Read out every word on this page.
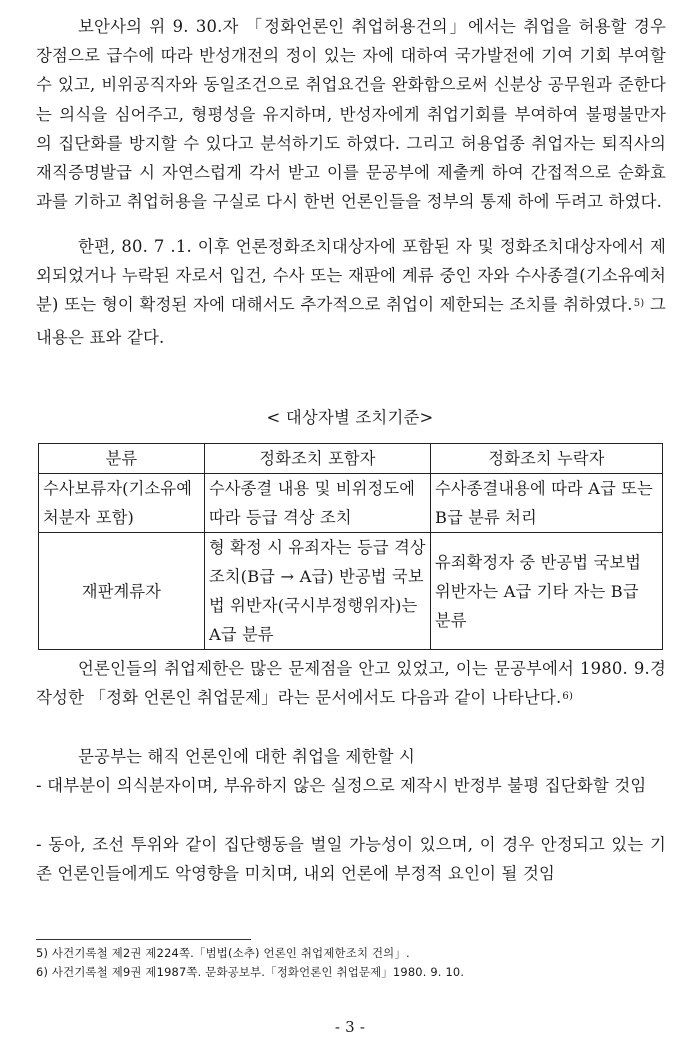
보안사의 위 9. 30.자 「정화언론인 취업허용건의」에서는 취업을 허용할 경우 장점으로 급수에 따라 반성개전의 정이 있는 자에 대하여 국가발전에 기여 기회 부여할 수 있고, 비위공직자와 동일조건으로 취업요건을 완화함으로써 신분상 공무원과 준한다는 의식을 심어주고, 형평성을 유지하며, 반성자에게 취업기회를 부여하여 불평불만자의 집단화를 방지할 수 있다고 분석하기도 하였다. 그리고 허용업종 취업자는 퇴직사의 재직증명발급 시 자연스럽게 각서 받고 이를 문공부에 제출케 하여 간접적으로 순화효과를 기하고 취업허용을 구실로 다시 한번 언론인들을 정부의 통제 하에 두려고 하였다.

한편, 80. 7 .1. 이후 언론정화조치대상자에 포함된 자 및 정화조치대상자에서 제외되었거나 누락된 자로서 입건, 수사 또는 재판에 계류 중인 자와 수사종결(기소유예처분) 또는 형이 확정된 자에 대해서도 추가적으로 취업이 제한되는 조치를 취하였다.$^{5)}$ 그 내용은 표와 같다.

< 대상자별 조치기준>
분류	정화조치 포함자	정화조치 누락자
수사보류자(기소유예 처분자 포함)	수사종결 내용 및 비위정도에 따라 등급 격상 조치	수사종결내용에 따라 A급 또는 B급 분류 처리
재판계류자	형 확정 시 유죄자는 등급 격상 조치(B급 → A급) 반공법 국보법 위반자(국시부정행위자)는 A급 분류	유죄확정자 중 반공법 국보법 위반자는 A급 기타 자는 B급 분류

언론인들의 취업제한은 많은 문제점을 안고 있었고, 이는 문공부에서 1980. 9.경 작성한 「정화 언론인 취업문제」라는 문서에서도 다음과 같이 나타난다.$^{6)}$

문공부는 해직 언론인에 대한 취업을 제한할 시

- 대부분이 의식분자이며, 부유하지 않은 실정으로 제작시 반정부 불평 집단화할 것임

- 동아, 조선 투위와 같이 집단행동을 벌일 가능성이 있으며, 이 경우 안정되고 있는 기존 언론인들에게도 악영향을 미치며, 내외 언론에 부정적 요인이 될 것임

5) 사건기록철 제2권 제224쪽.「범법(소추) 언론인 취업제한조치 건의」.
6) 사건기록철 제9권 제1987쪽. 문화공보부.「정화언론인 취업문제」1980. 9. 10.
- 3 -
